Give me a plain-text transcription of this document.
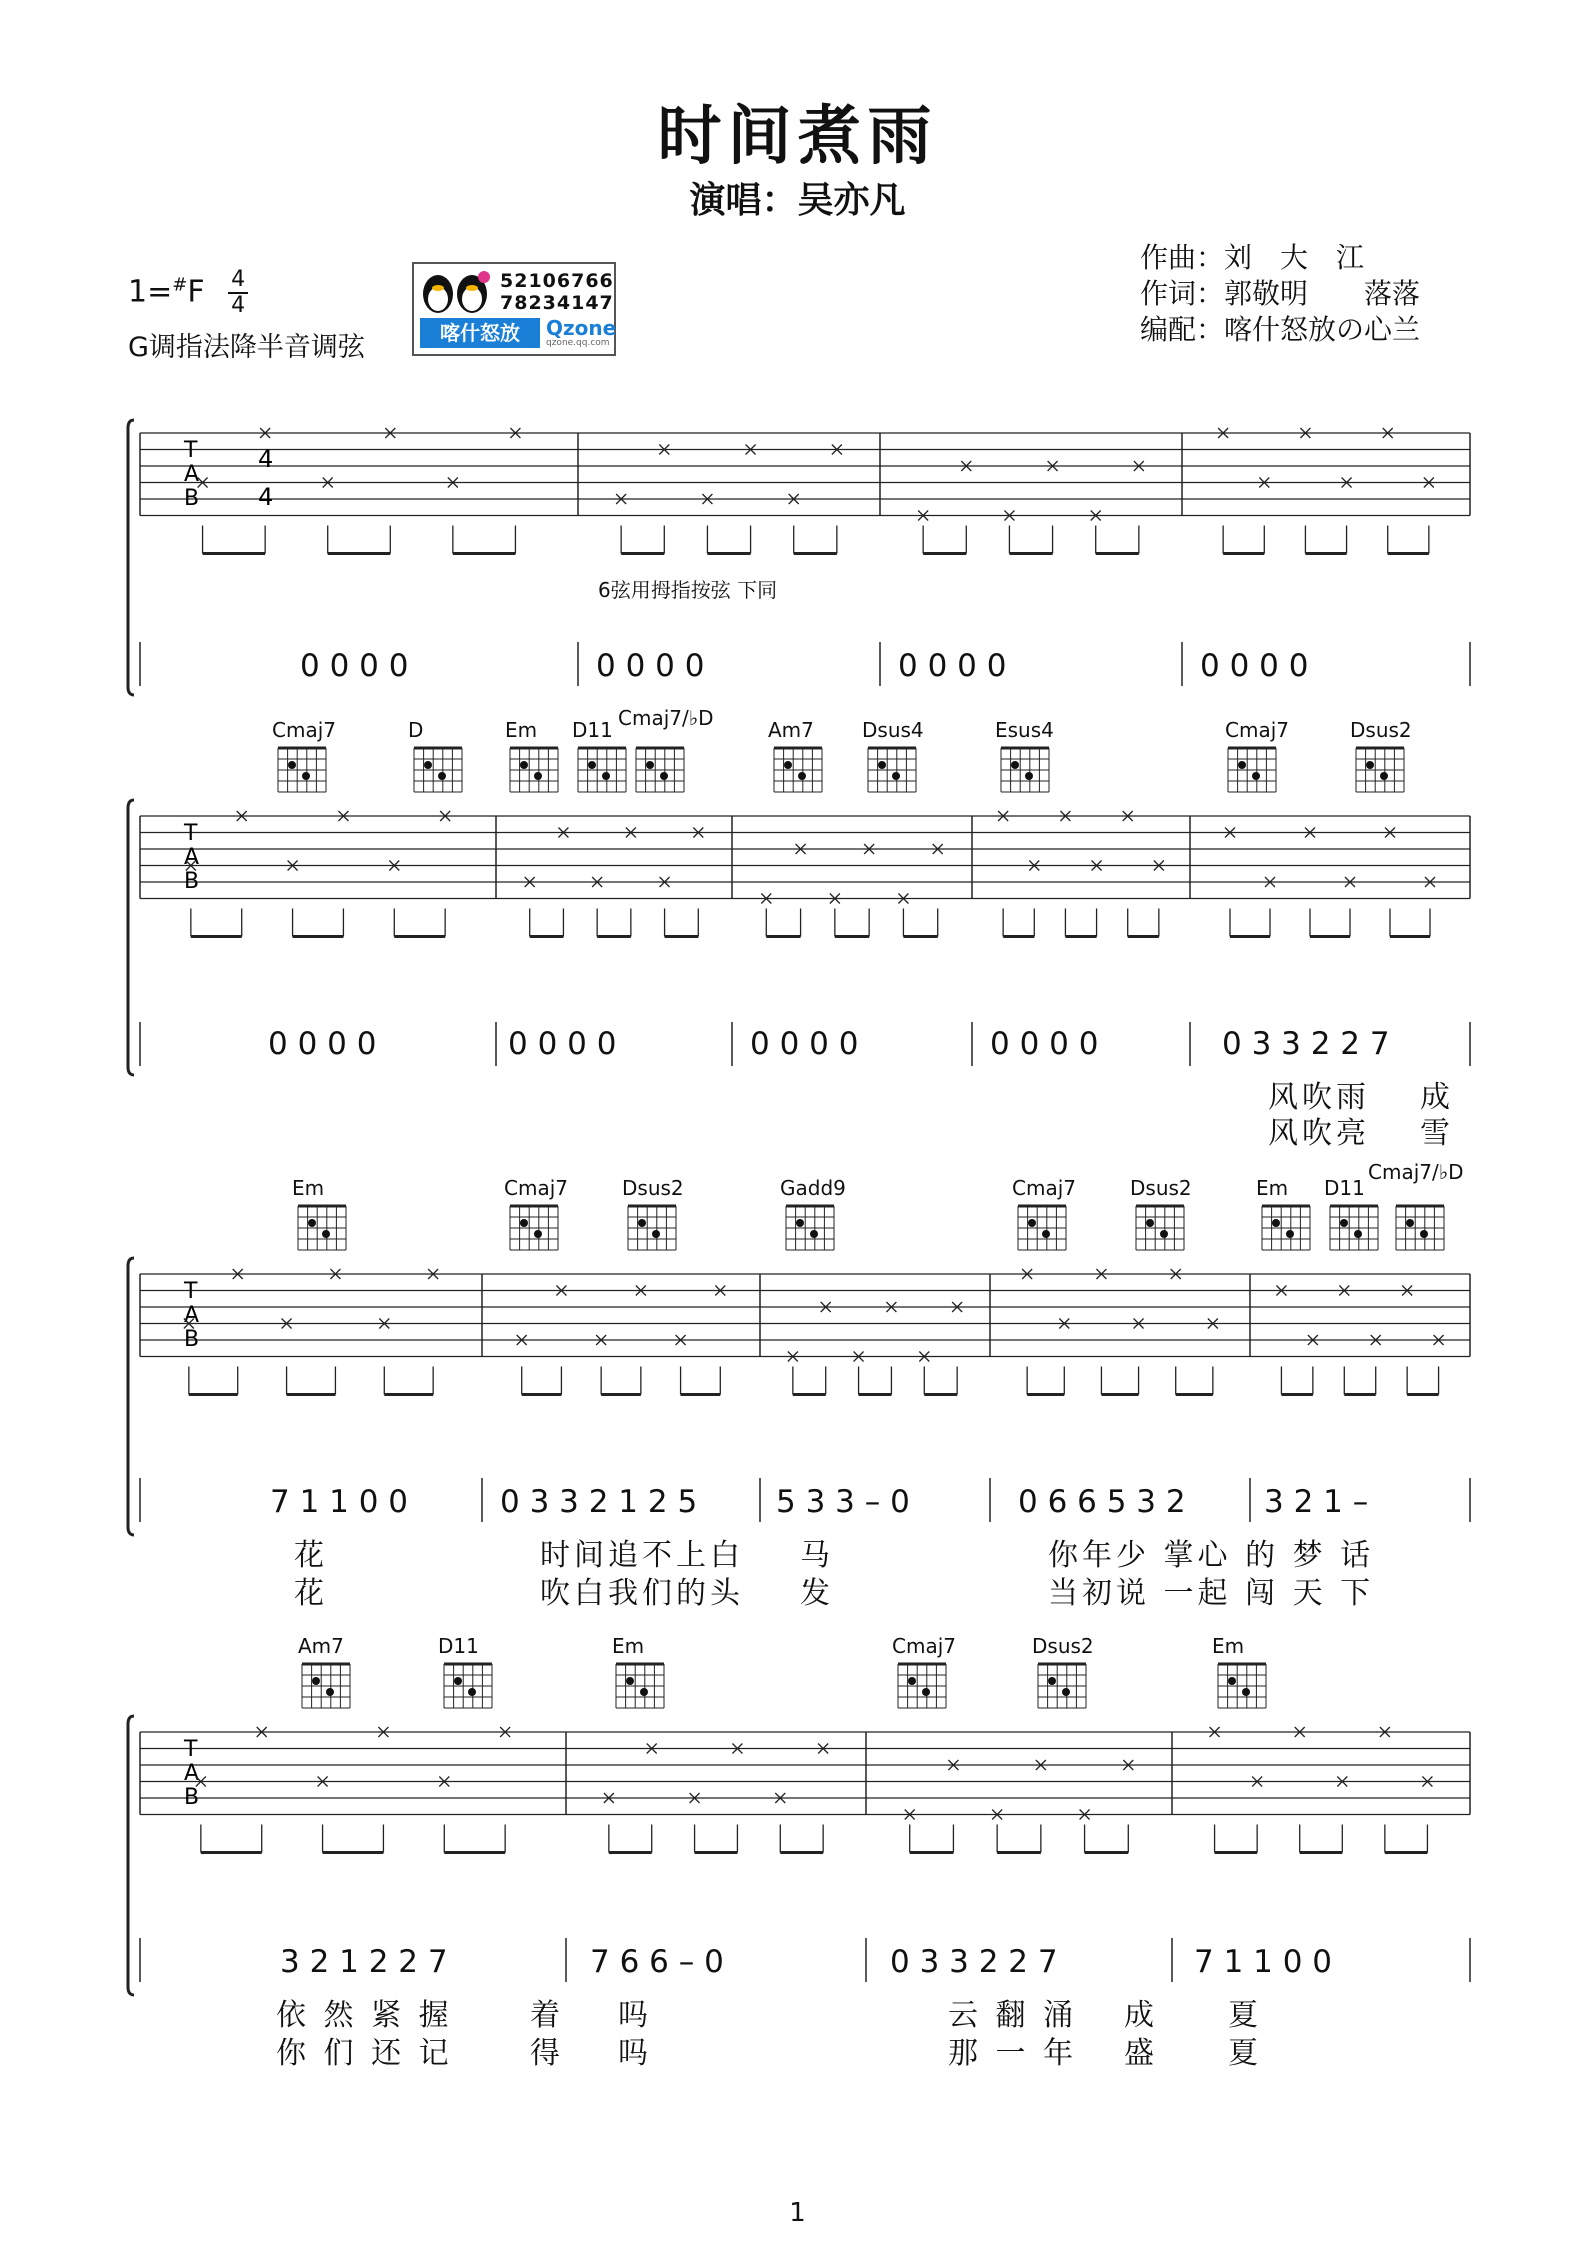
时间煮雨
演唱：吴亦凡
$1=^{\#}F \frac{4}{4}$
G调指法降半音调弦
52106766
78234147
喀什怒放	Qzone
qzone.qq.com
作曲：刘　大　江
作词：郭敬明　　落落
编配：喀什怒放の心兰
T
A
B
4
4
T
A
B
T
A
B
T
A
B
6弦用拇指按弦 下同
0 0 0 0	0 0 0 0	0 0 0 0	0 0 0 0
Cmaj7	D	Em D11 Cmaj7/♭D	Am7 Dsus4	Esus4	Cmaj7	Dsus2
0 0 0 0	0 0 0 0	0 0 0 0	0 0 0 0	0 3 3 2 2 7
风吹雨 成
风吹亮 雪
Em	Cmaj7	Dsus2	Gadd9	Cmaj7	Dsus2	Em D11
Cmaj7/♭D
7 1 1 0 0	0 3 3 2 1 2 5	5 3 3 – 0	0 6 6 5 3 2	3 2 1 –
花	时间追不上白 马	你年少 掌心 的 梦 话
花	吹白我们的头 发	当初说 一起 闯 天 下
Am7	D11	Em	Cmaj7	Dsus2	Em
3 2 1 2 2 7	7 6 6 – 0	0 3 3 2 2 7	7 1 1 0 0
依 然 紧 握	着 吗	云 翻 涌 成 夏
你 们 还 记	得 吗	那 一 年 盛 夏
1
